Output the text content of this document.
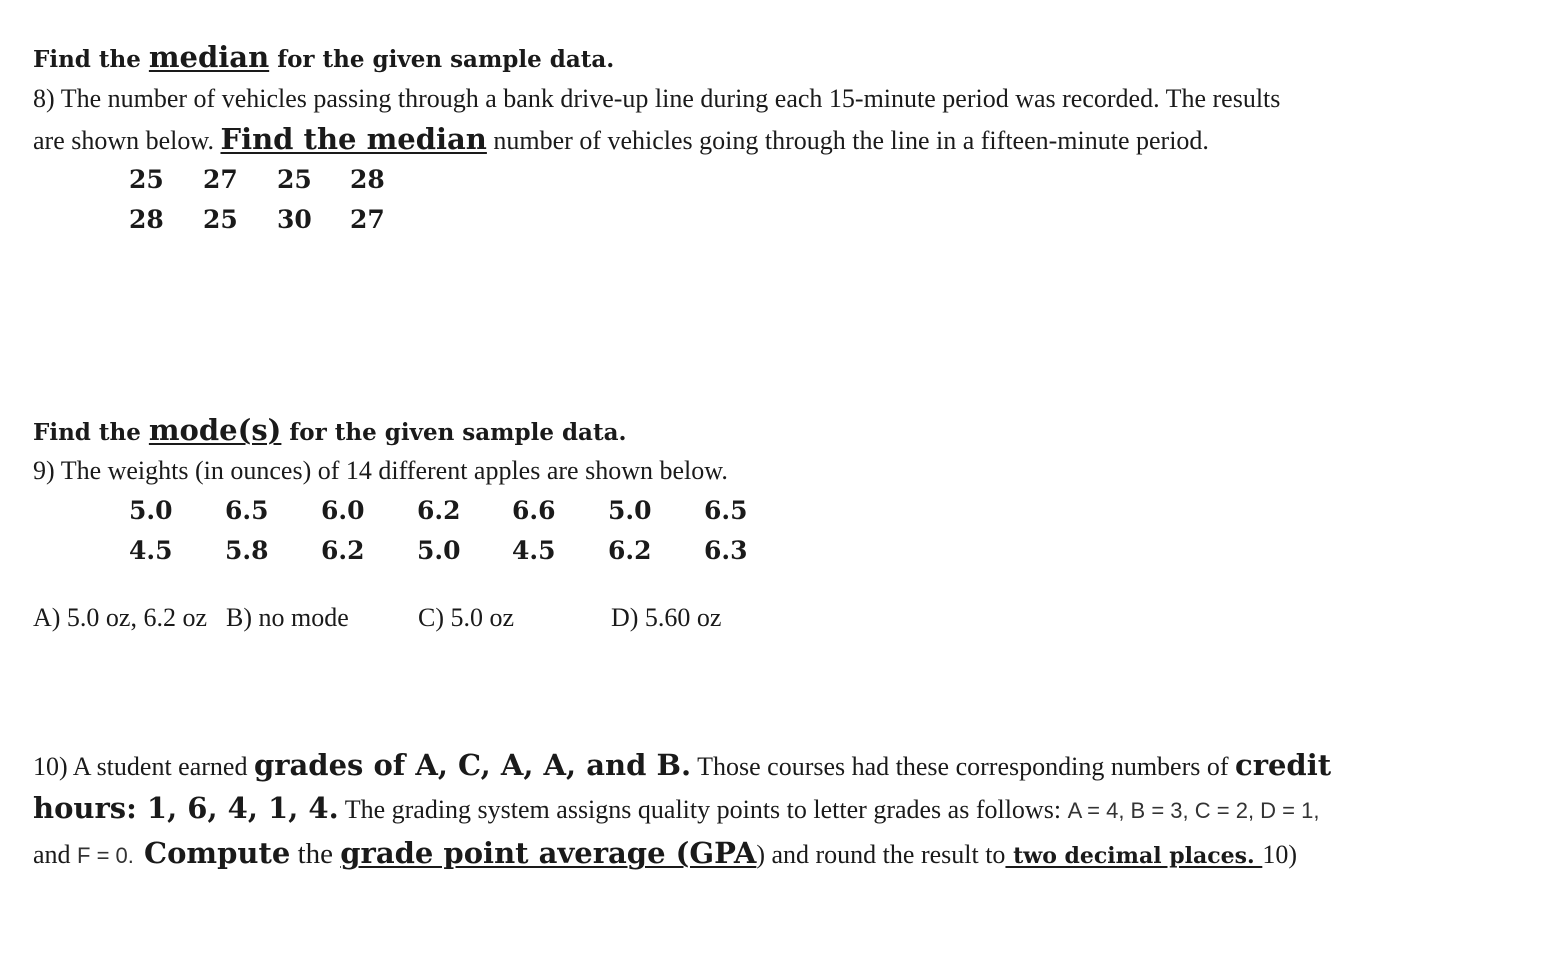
Find the median for the given sample data.
8) The number of vehicles passing through a bank drive-up line during each 15-minute period was recorded. The results
are shown below. Find the median number of vehicles going through the line in a fifteen-minute period.
25 27 25 28
28 25 30 27
Find the mode(s) for the given sample data.
9) The weights (in ounces) of 14 different apples are shown below.
5.0 6.5 6.0 6.2 6.6 5.0 6.5
4.5 5.8 6.2 5.0 4.5 6.2 6.3
A) 5.0 oz, 6.2 oz B) no mode	C) 5.0 oz	D) 5.60 oz
10) A student earned grades of A, C, A, A, and B. Those courses had these corresponding numbers of credit
hours: 1, 6, 4, 1, 4. The grading system assigns quality points to letter grades as follows: A = 4, B = 3, C = 2, D = 1,
and F = 0. Compute the grade point average (GPA) and round the result to two decimal places. 10)
